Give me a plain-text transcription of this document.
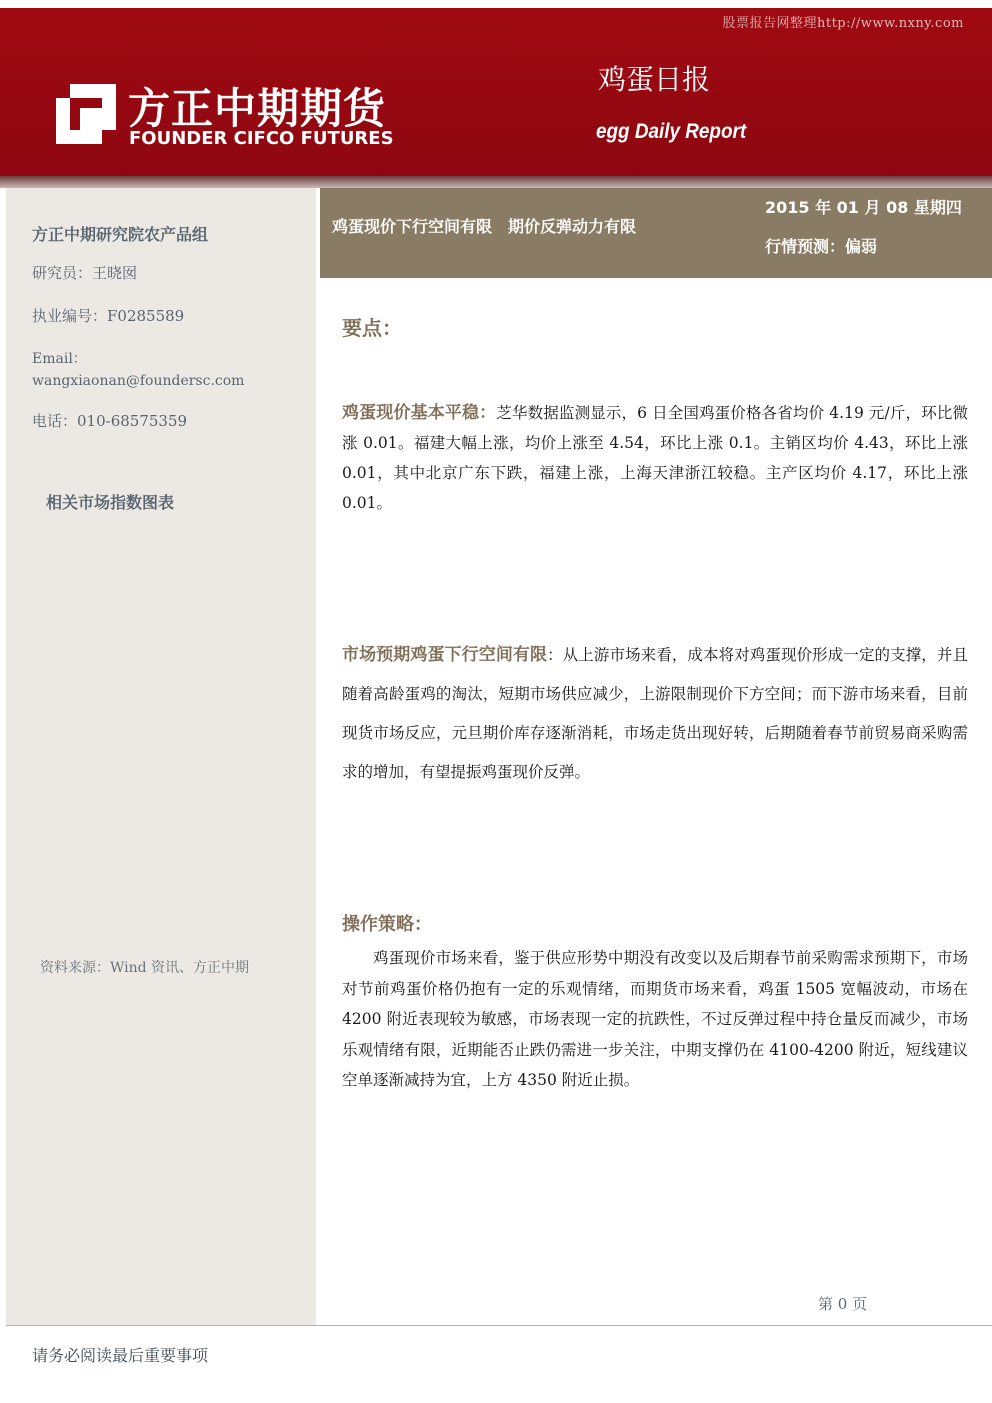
股票报告网整理http://www.nxny.com
方正中期期货
FOUNDER CIFCO FUTURES
鸡蛋日报
egg Daily Report
方正中期研究院农产品组
研究员：王晓囡
执业编号：F0285589
Email：
wangxiaonan@foundersc.com
电话：010-68575359
相关市场指数图表
资料来源：Wind 资讯、方正中期
鸡蛋现价下行空间有限　期价反弹动力有限
2015 年 01 月 08 星期四
行情预测：偏弱
要点：
鸡蛋现价基本平稳：芝华数据监测显示，6 日全国鸡蛋价格各省均价 4.19 元/斤，环比微涨 0.01。福建大幅上涨，均价上涨至 4.54，环比上涨 0.1。主销区均价 4.43，环比上涨 0.01，其中北京广东下跌，福建上涨，上海天津浙江较稳。主产区均价 4.17，环比上涨 0.01。
市场预期鸡蛋下行空间有限：从上游市场来看，成本将对鸡蛋现价形成一定的支撑，并且随着高龄蛋鸡的淘汰，短期市场供应减少，上游限制现价下方空间；而下游市场来看，目前现货市场反应，元旦期价库存逐渐消耗，市场走货出现好转，后期随着春节前贸易商采购需求的增加，有望提振鸡蛋现价反弹。
操作策略：
鸡蛋现价市场来看，鉴于供应形势中期没有改变以及后期春节前采购需求预期下，市场对节前鸡蛋价格仍抱有一定的乐观情绪，而期货市场来看，鸡蛋 1505 宽幅波动，市场在 4200 附近表现较为敏感，市场表现一定的抗跌性，不过反弹过程中持仓量反而减少，市场乐观情绪有限，近期能否止跌仍需进一步关注，中期支撑仍在 4100-4200 附近，短线建议空单逐渐减持为宜，上方 4350 附近止损。
第 0 页
请务必阅读最后重要事项
